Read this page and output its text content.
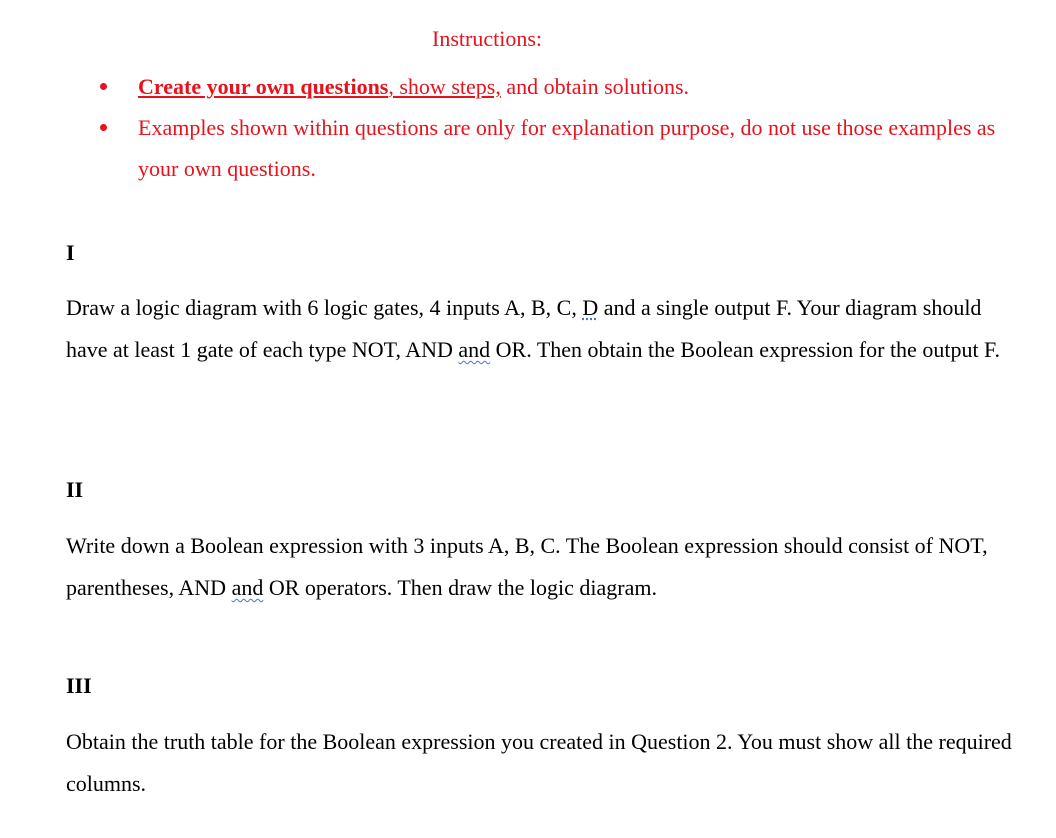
Instructions:
Create your own questions, show steps, and obtain solutions.
Examples shown within questions are only for explanation purpose, do not use those examples as your own questions.
I
Draw a logic diagram with 6 logic gates, 4 inputs A, B, C, D and a single output F. Your diagram should have at least 1 gate of each type NOT, AND and OR. Then obtain the Boolean expression for the output F.
II
Write down a Boolean expression with 3 inputs A, B, C. The Boolean expression should consist of NOT, parentheses, AND and OR operators. Then draw the logic diagram.
III
Obtain the truth table for the Boolean expression you created in Question 2. You must show all the required columns.
